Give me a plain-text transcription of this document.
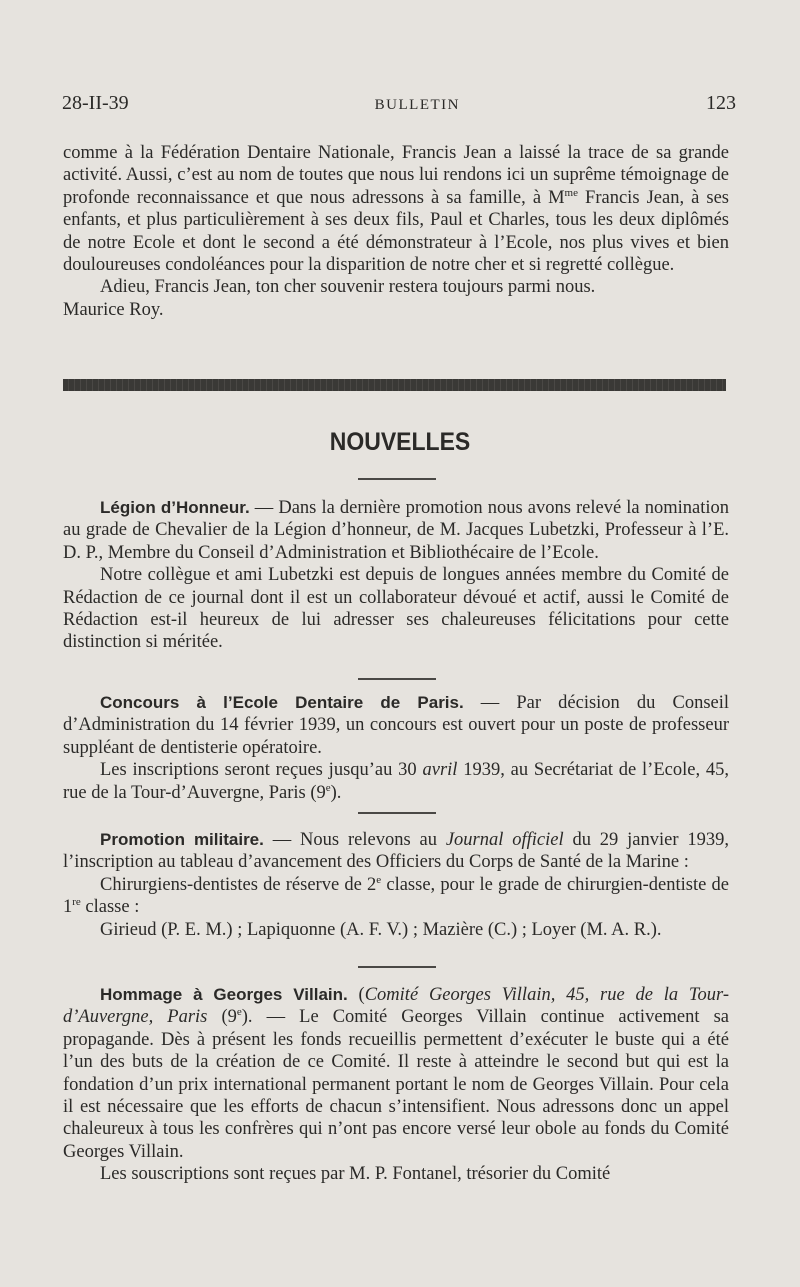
28-II-39	BULLETIN	123

comme à la Fédération Dentaire Nationale, Francis Jean a laissé la trace de sa grande activité. Aussi, c’est au nom de toutes que nous lui rendons ici un suprême témoignage de profonde reconnaissance et que nous adressons à sa famille, à $M^{me}$ Francis Jean, à ses enfants, et plus particulièrement à ses deux fils, Paul et Charles, tous les deux diplômés de notre Ecole et dont le second a été démonstrateur à l’Ecole, nos plus vives et bien douloureuses condoléances pour la disparition de notre cher et si regretté collègue.

Adieu, Francis Jean, ton cher souvenir restera toujours parmi nous.

Maurice Roy.

NOUVELLES

Légion d’Honneur. — Dans la dernière promotion nous avons relevé la nomination au grade de Chevalier de la Légion d’honneur, de M. Jacques Lubetzki, Professeur à l’E. D. P., Membre du Conseil d’Administration et Bibliothécaire de l’Ecole.

Notre collègue et ami Lubetzki est depuis de longues années membre du Comité de Rédaction de ce journal dont il est un collaborateur dévoué et actif, aussi le Comité de Rédaction est-il heureux de lui adresser ses chaleureuses félicitations pour cette distinction si méritée.

Concours à l’Ecole Dentaire de Paris. — Par décision du Conseil d’Administration du 14 février 1939, un concours est ouvert pour un poste de professeur suppléant de dentisterie opératoire.

Les inscriptions seront reçues jusqu’au 30 avril 1939, au Secrétariat de l’Ecole, 45, rue de la Tour-d’Auvergne, Paris (9e).

Promotion militaire. — Nous relevons au Journal officiel du 29 janvier 1939, l’inscription au tableau d’avancement des Officiers du Corps de Santé de la Marine :

Chirurgiens-dentistes de réserve de 2e classe, pour le grade de chirurgien-dentiste de 1re classe :

Girieud (P. E. M.) ; Lapiquonne (A. F. V.) ; Mazière (C.) ; Loyer (M. A. R.).

Hommage à Georges Villain. (Comité Georges Villain, 45, rue de la Tour-d’Auvergne, Paris (9e). — Le Comité Georges Villain continue activement sa propagande. Dès à présent les fonds recueillis permettent d’exécuter le buste qui a été l’un des buts de la création de ce Comité. Il reste à atteindre le second but qui est la fondation d’un prix international permanent portant le nom de Georges Villain. Pour cela il est nécessaire que les efforts de chacun s’intensifient. Nous adressons donc un appel chaleureux à tous les confrères qui n’ont pas encore versé leur obole au fonds du Comité Georges Villain.

Les souscriptions sont reçues par M. P. Fontanel, trésorier du Comité
